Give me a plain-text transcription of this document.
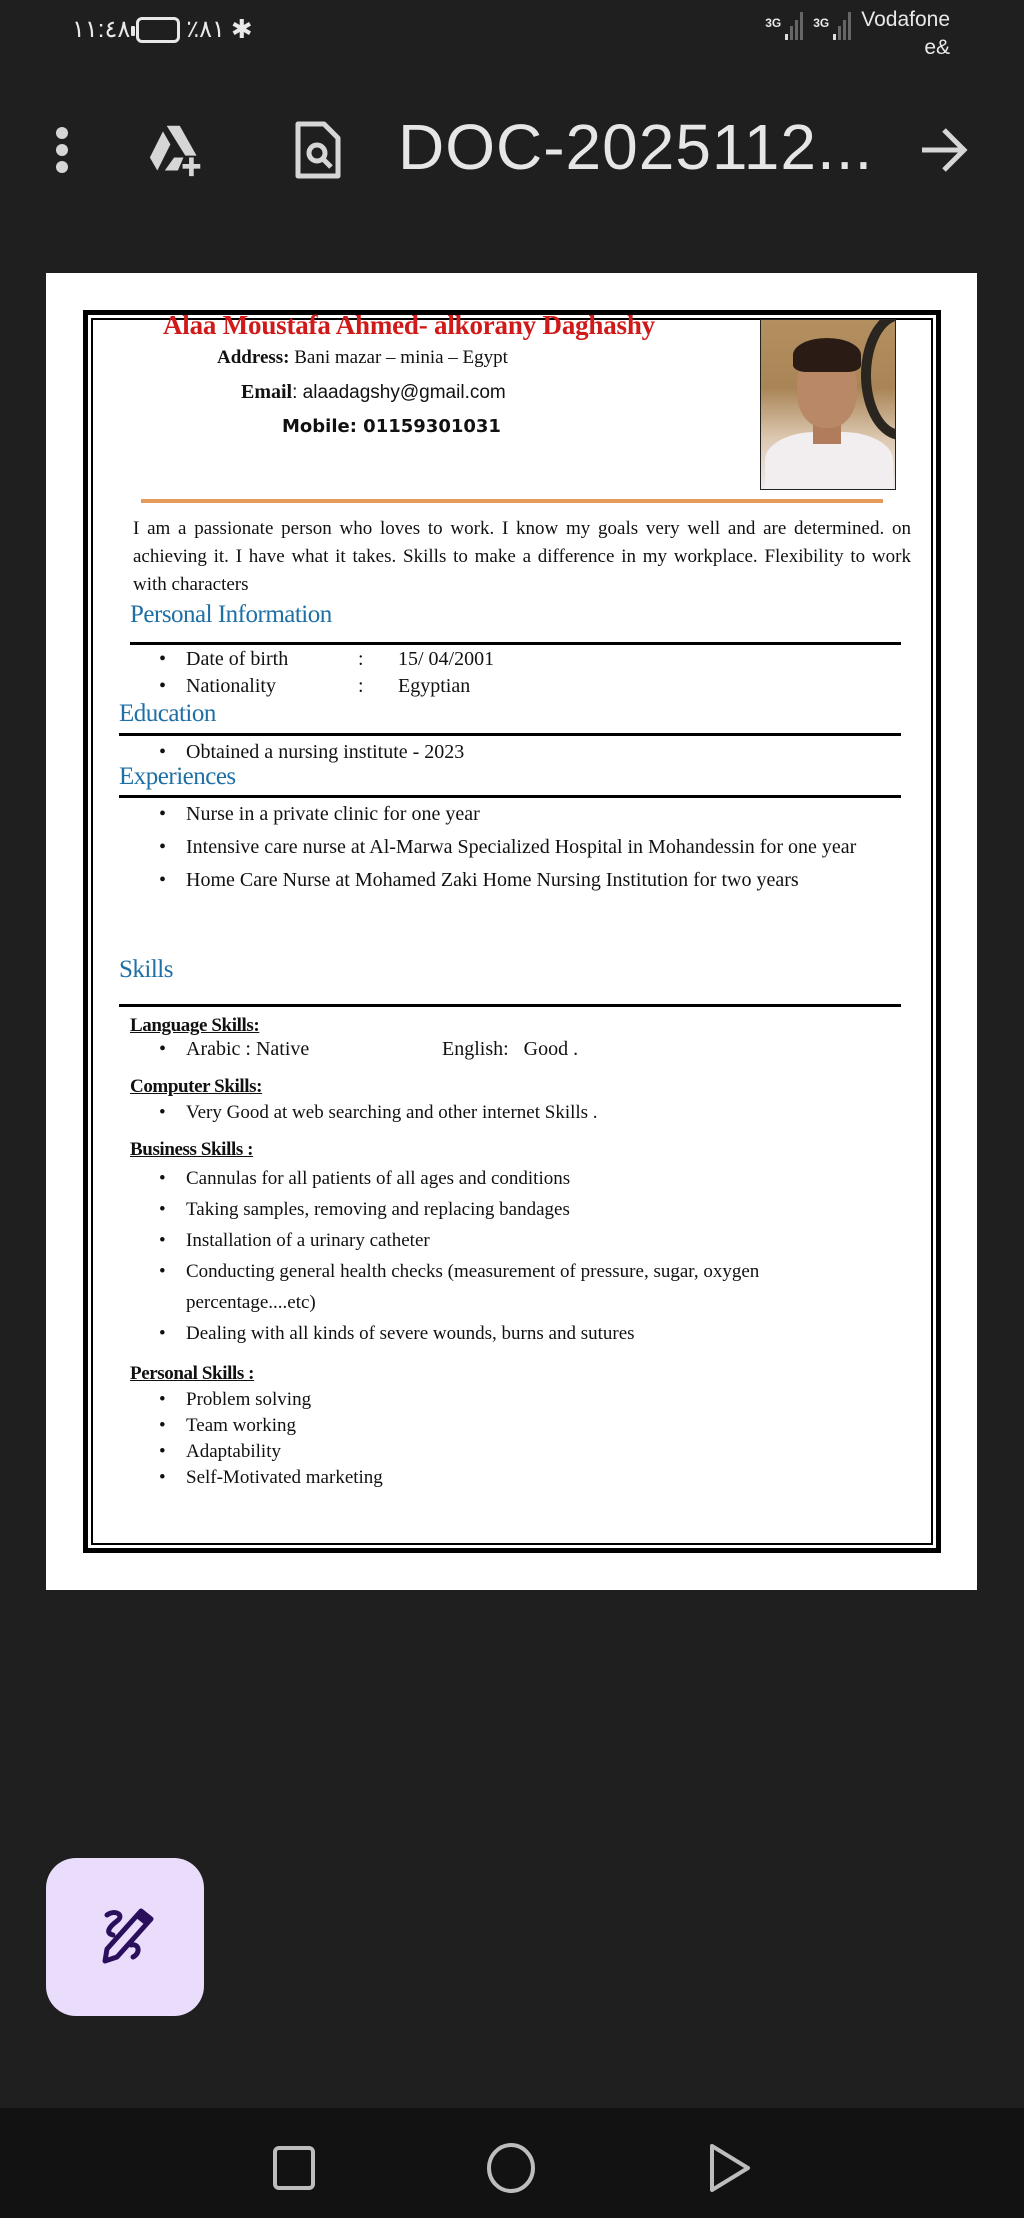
١١:٤٨ ٪٨١ ✱	3G	3G Vodafone
e&
DOC-2025112...
Alaa Moustafa Ahmed- alkorany Daghashy
Address: Bani mazar – minia – Egypt
Email: alaadagshy@gmail.com
Mobile: 01159301031
I am a passionate person who loves to work. I know my goals very well and are determined. on achieving it. I have what it takes. Skills to make a difference in my workplace. Flexibility to work with characters
Personal Information
• Date of birth	:	15/ 04/2001
• Nationality	:	Egyptian
Education
• Obtained a nursing institute - 2023
Experiences
• Nurse in a private clinic for one year
• Intensive care nurse at Al-Marwa Specialized Hospital in Mohandessin for one year
• Home Care Nurse at Mohamed Zaki Home Nursing Institution for two years
Skills
Language Skills:
• Arabic : Native	English:   Good .
Computer Skills:
• Very Good at web searching and other internet Skills .
Business Skills :
• Cannulas for all patients of all ages and conditions
• Taking samples, removing and replacing bandages
• Installation of a urinary catheter
• Conducting general health checks (measurement of pressure, sugar, oxygen percentage....etc)
• Dealing with all kinds of severe wounds, burns and sutures
Personal Skills :
• Problem solving
• Team working
• Adaptability
• Self-Motivated marketing
